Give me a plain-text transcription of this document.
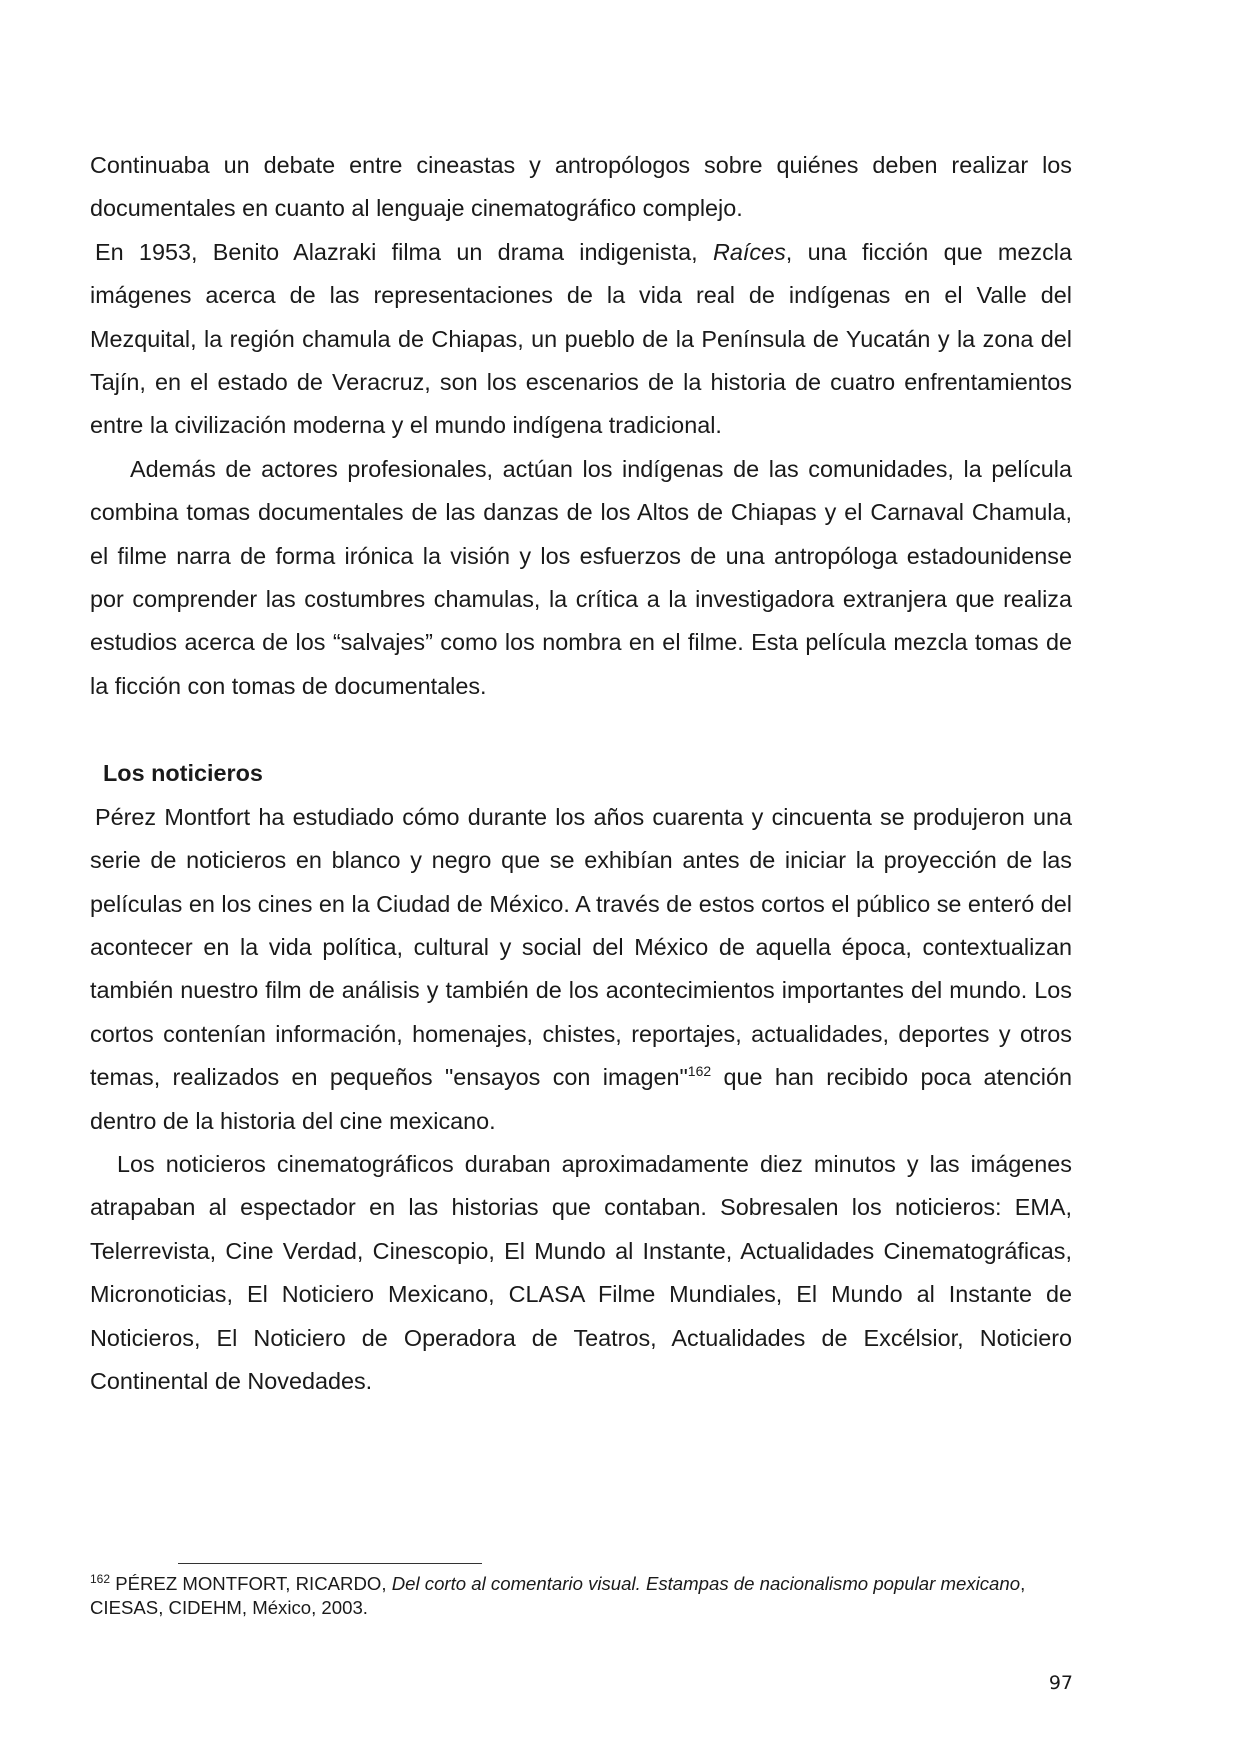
Continuaba un debate entre cineastas y antropólogos sobre quiénes deben realizar los documentales en cuanto al lenguaje cinematográfico complejo.

En 1953, Benito Alazraki filma un drama indigenista, Raíces, una ficción que mezcla imágenes acerca de las representaciones de la vida real de indígenas en el Valle del Mezquital, la región chamula de Chiapas, un pueblo de la Península de Yucatán y la zona del Tajín, en el estado de Veracruz, son los escenarios de la historia de cuatro enfrentamientos entre la civilización moderna y el mundo indígena tradicional.

Además de actores profesionales, actúan los indígenas de las comunidades, la película combina tomas documentales de las danzas de los Altos de Chiapas y el Carnaval Chamula, el filme narra de forma irónica la visión y los esfuerzos de una antropóloga estadounidense por comprender las costumbres chamulas, la crítica a la investigadora extranjera que realiza estudios acerca de los “salvajes” como los nombra en el filme. Esta película mezcla tomas de la ficción con tomas de documentales.

Los noticieros

Pérez Montfort ha estudiado cómo durante los años cuarenta y cincuenta se produjeron una serie de noticieros en blanco y negro que se exhibían antes de iniciar la proyección de las películas en los cines en la Ciudad de México. A través de estos cortos el público se enteró del acontecer en la vida política, cultural y social del México de aquella época, contextualizan también nuestro film de análisis y también de los acontecimientos importantes del mundo. Los cortos contenían información, homenajes, chistes, reportajes, actualidades, deportes y otros temas, realizados en pequeños "ensayos con imagen"$^{162}$ que han recibido poca atención dentro de la historia del cine mexicano.

Los noticieros cinematográficos duraban aproximadamente diez minutos y las imágenes atrapaban al espectador en las historias que contaban. Sobresalen los noticieros: EMA, Telerrevista, Cine Verdad, Cinescopio, El Mundo al Instante, Actualidades Cinematográficas, Micronoticias, El Noticiero Mexicano, CLASA Filme Mundiales, El Mundo al Instante de Noticieros, El Noticiero de Operadora de Teatros, Actualidades de Excélsior, Noticiero Continental de Novedades.

$^{162}$ PÉREZ MONTFORT, RICARDO, Del corto al comentario visual. Estampas de nacionalismo popular mexicano, CIESAS, CIDEHM, México, 2003.

97
